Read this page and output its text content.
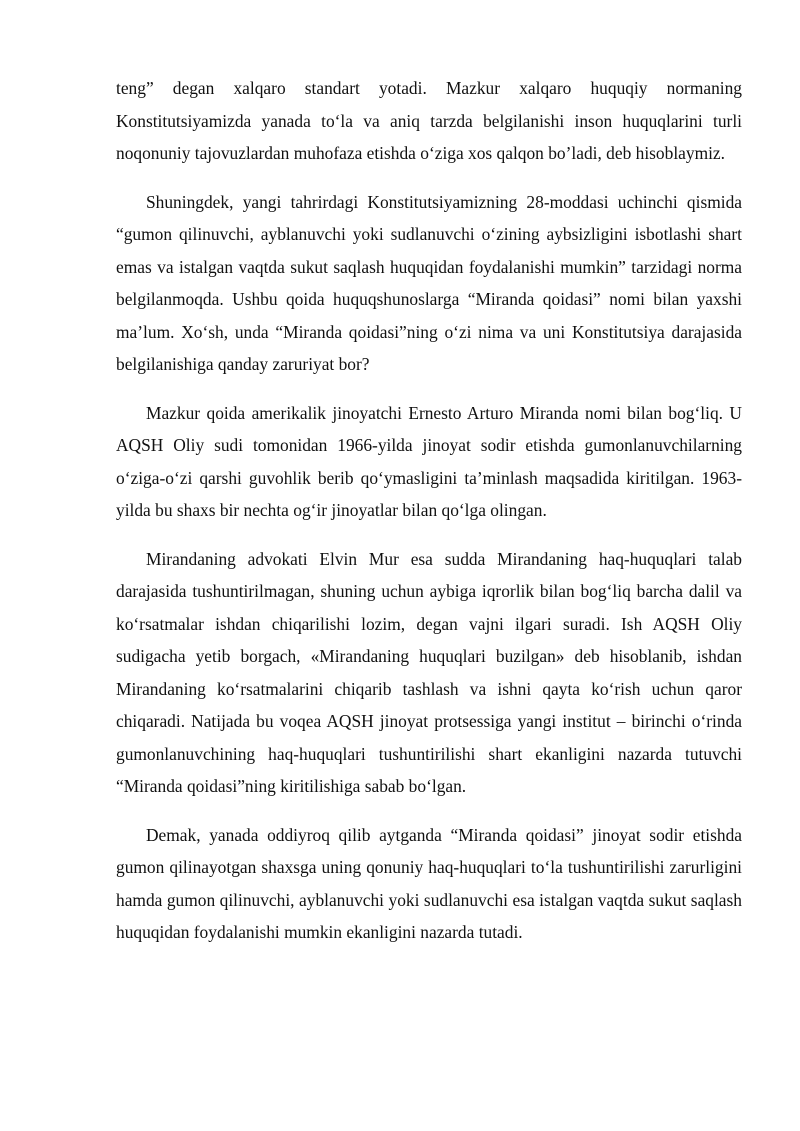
teng” degan xalqaro standart yotadi. Mazkur xalqaro huquqiy normaning Konstitutsiyamizda yanada to‘la va aniq tarzda belgilanishi inson huquqlarini turli noqonuniy tajovuzlardan muhofaza etishda o‘ziga xos qalqon bo’ladi, deb hisoblaymiz.

Shuningdek, yangi tahrirdagi Konstitutsiyamizning 28-moddasi uchinchi qismida “gumon qilinuvchi, ayblanuvchi yoki sudlanuvchi o‘zining aybsizligini isbotlashi shart emas va istalgan vaqtda sukut saqlash huquqidan foydalanishi mumkin” tarzidagi norma belgilanmoqda. Ushbu qoida huquqshunoslarga “Miranda qoidasi” nomi bilan yaxshi ma’lum. Xo‘sh, unda “Miranda qoidasi”ning o‘zi nima va uni Konstitutsiya darajasida belgilanishiga qanday zaruriyat bor?

Mazkur qoida amerikalik jinoyatchi Ernesto Arturo Miranda nomi bilan bog‘liq. U AQSH Oliy sudi tomonidan 1966-yilda jinoyat sodir etishda gumonlanuvchilarning o‘ziga-o‘zi qarshi guvohlik berib qo‘ymasligini ta’minlash maqsadida kiritilgan. 1963-yilda bu shaxs bir nechta og‘ir jinoyatlar bilan qo‘lga olingan.

Mirandaning advokati Elvin Mur esa sudda Mirandaning haq-huquqlari talab darajasida tushuntirilmagan, shuning uchun aybiga iqrorlik bilan bog‘liq barcha dalil va ko‘rsatmalar ishdan chiqarilishi lozim, degan vajni ilgari suradi. Ish AQSH Oliy sudigacha yetib borgach, «Mirandaning huquqlari buzilgan» deb hisoblanib, ishdan Mirandaning ko‘rsatmalarini chiqarib tashlash va ishni qayta ko‘rish uchun qaror chiqaradi. Natijada bu voqea AQSH jinoyat protsessiga yangi institut – birinchi o‘rinda gumonlanuvchining haq-huquqlari tushuntirilishi shart ekanligini nazarda tutuvchi “Miranda qoidasi”ning kiritilishiga sabab bo‘lgan.

Demak, yanada oddiyroq qilib aytganda “Miranda qoidasi” jinoyat sodir etishda gumon qilinayotgan shaxsga uning qonuniy haq-huquqlari to‘la tushuntirilishi zarurligini hamda gumon qilinuvchi, ayblanuvchi yoki sudlanuvchi esa istalgan vaqtda sukut saqlash huquqidan foydalanishi mumkin ekanligini nazarda tutadi.
